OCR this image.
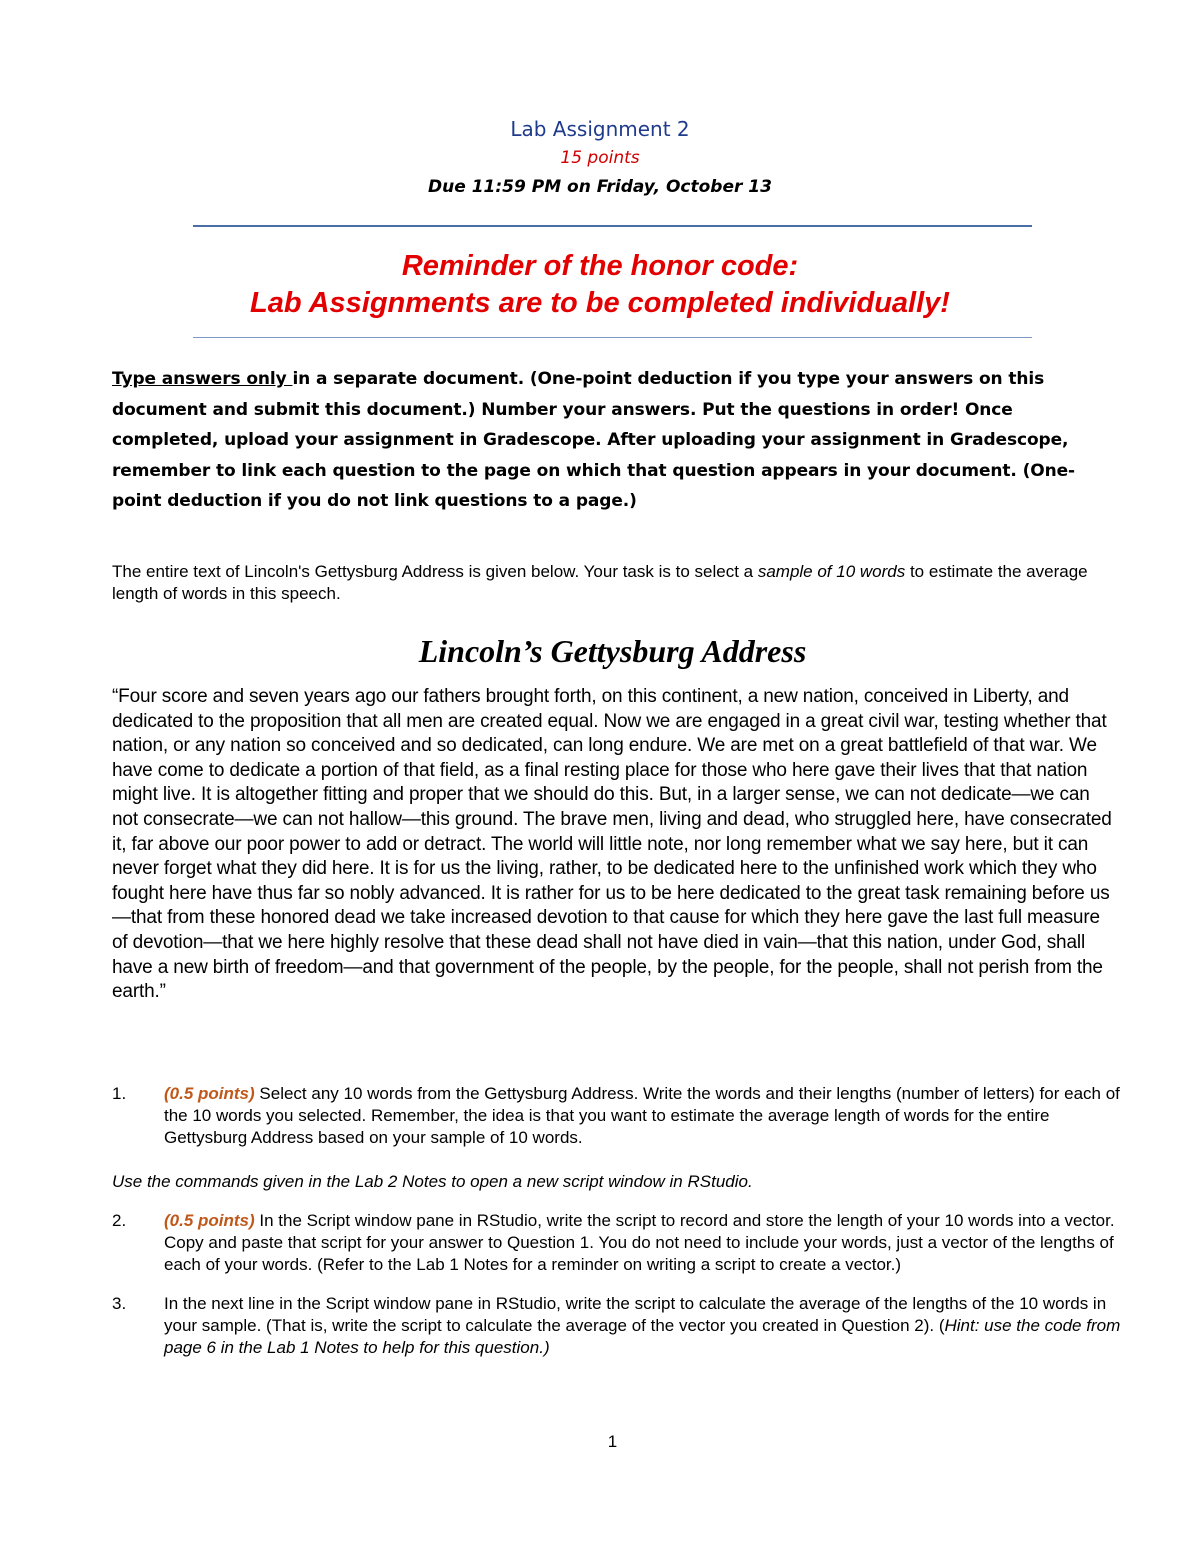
Lab Assignment 2
15 points
Due 11:59 PM on Friday, October 13
Reminder of the honor code:
Lab Assignments are to be completed individually!
Type answers only in a separate document. (One-point deduction if you type your answers on this document and submit this document.) Number your answers. Put the questions in order! Once completed, upload your assignment in Gradescope. After uploading your assignment in Gradescope, remember to link each question to the page on which that question appears in your document. (One-point deduction if you do not link questions to a page.)
The entire text of Lincoln's Gettysburg Address is given below. Your task is to select a sample of 10 words to estimate the average length of words in this speech.
Lincoln’s Gettysburg Address
“Four score and seven years ago our fathers brought forth, on this continent, a new nation, conceived in Liberty, and dedicated to the proposition that all men are created equal. Now we are engaged in a great civil war, testing whether that nation, or any nation so conceived and so dedicated, can long endure. We are met on a great battlefield of that war. We have come to dedicate a portion of that field, as a final resting place for those who here gave their lives that that nation might live. It is altogether fitting and proper that we should do this. But, in a larger sense, we can not dedicate—we can not consecrate—we can not hallow—this ground. The brave men, living and dead, who struggled here, have consecrated it, far above our poor power to add or detract. The world will little note, nor long remember what we say here, but it can never forget what they did here. It is for us the living, rather, to be dedicated here to the unfinished work which they who fought here have thus far so nobly advanced. It is rather for us to be here dedicated to the great task remaining before us—that from these honored dead we take increased devotion to that cause for which they here gave the last full measure of devotion—that we here highly resolve that these dead shall not have died in vain—that this nation, under God, shall have a new birth of freedom—and that government of the people, by the people, for the people, shall not perish from the earth.”
1.	(0.5 points) Select any 10 words from the Gettysburg Address. Write the words and their lengths (number of letters) for each of the 10 words you selected. Remember, the idea is that you want to estimate the average length of words for the entire Gettysburg Address based on your sample of 10 words.
Use the commands given in the Lab 2 Notes to open a new script window in RStudio.
2.	(0.5 points) In the Script window pane in RStudio, write the script to record and store the length of your 10 words into a vector. Copy and paste that script for your answer to Question 1. You do not need to include your words, just a vector of the lengths of each of your words. (Refer to the Lab 1 Notes for a reminder on writing a script to create a vector.)
3.	In the next line in the Script window pane in RStudio, write the script to calculate the average of the lengths of the 10 words in your sample. (That is, write the script to calculate the average of the vector you created in Question 2). (Hint: use the code from page 6 in the Lab 1 Notes to help for this question.)
1
